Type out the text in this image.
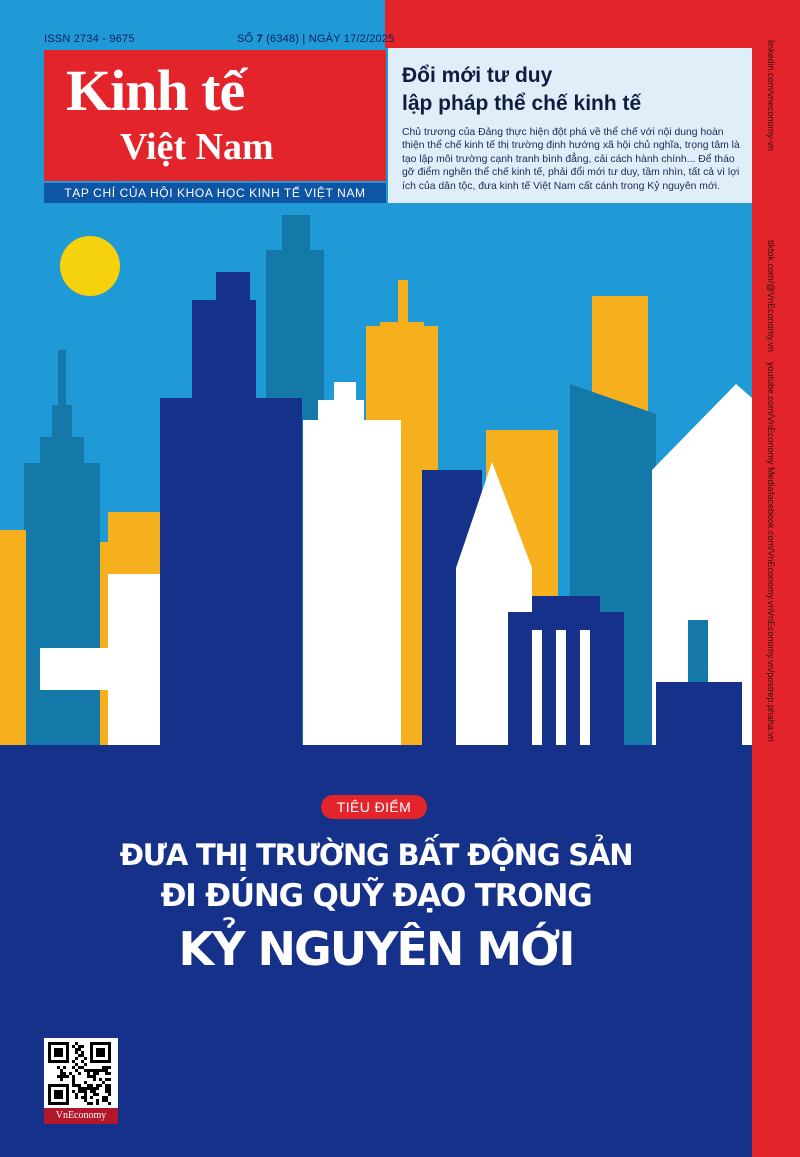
ISSN 2734 - 9675	SỐ 7 (6348) | NGÀY 17/2/2025
Kinh tế
Việt Nam
TẠP CHÍ CỦA HỘI KHOA HỌC KINH TẾ VIỆT NAM
Đổi mới tư duy
lập pháp thể chế kinh tế
Chủ trương của Đảng thực hiện đột phá về thể chế với nội dung hoàn thiện thể chế kinh tế thị trường định hướng xã hội chủ nghĩa, trọng tâm là tạo lập môi trường cạnh tranh bình đẳng, cải cách hành chính... Để tháo gỡ điểm nghẽn thể chế kinh tế, phải đổi mới tư duy, tầm nhìn, tất cả vì lợi ích của dân tộc, đưa kinh tế Việt Nam cất cánh trong Kỷ nguyên mới.
linkedin.com/vneconomy-vn
tiktok.com/@VnEconomy.vn
youtube.com/VnEconomy Media
facebook.com/VnEconomy.vn
VnEconomy.vn/postrep.phaha.vn
TIÊU ĐIỂM
ĐƯA THỊ TRƯỜNG BẤT ĐỘNG SẢN
ĐI ĐÚNG QUỸ ĐẠO TRONG
KỶ NGUYÊN MỚI
VnEconomy
